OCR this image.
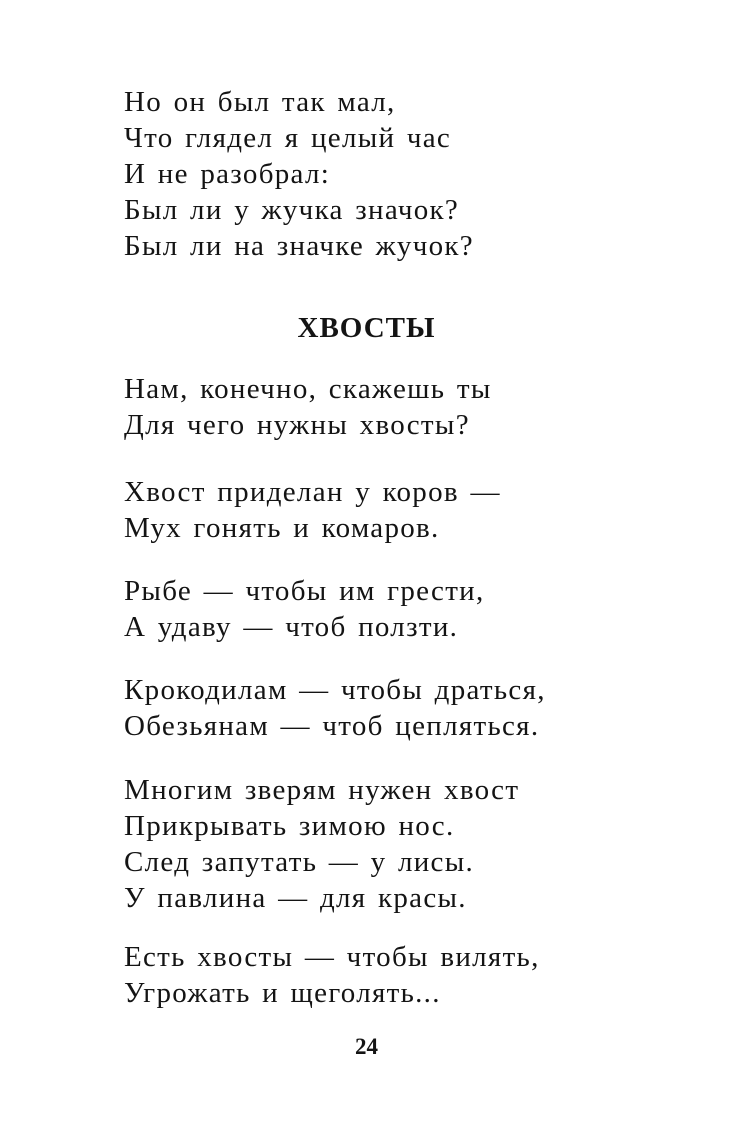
Но он был так мал,
Что глядел я целый час
И не разобрал:
Был ли у жучка значок?
Был ли на значке жучок?
ХВОСТЫ
Нам, конечно, скажешь ты
Для чего нужны хвосты?
Хвост приделан у коров —
Мух гонять и комаров.
Рыбе — чтобы им грести,
А удаву — чтоб ползти.
Крокодилам — чтобы драться,
Обезьянам — чтоб цепляться.
Многим зверям нужен хвост
Прикрывать зимою нос.
След запутать — у лисы.
У павлина — для красы.
Есть хвосты — чтобы вилять,
Угрожать и щеголять...
24
